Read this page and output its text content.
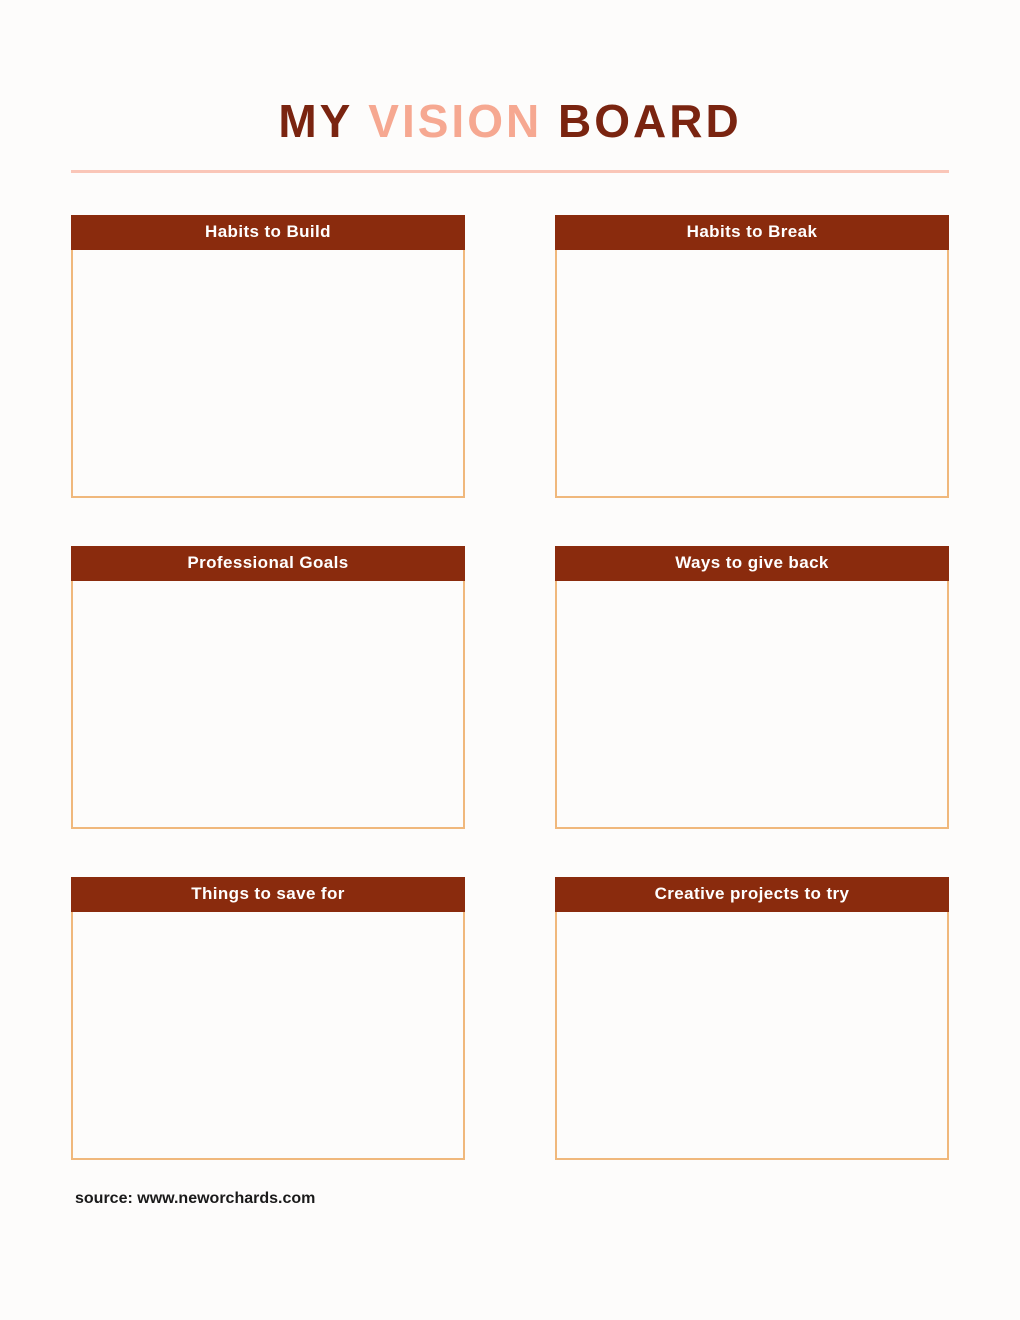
MY VISION BOARD
Habits to Build	Habits to Break
Professional Goals	Ways to give back
Things to save for	Creative projects to try
source: www.neworchards.com
